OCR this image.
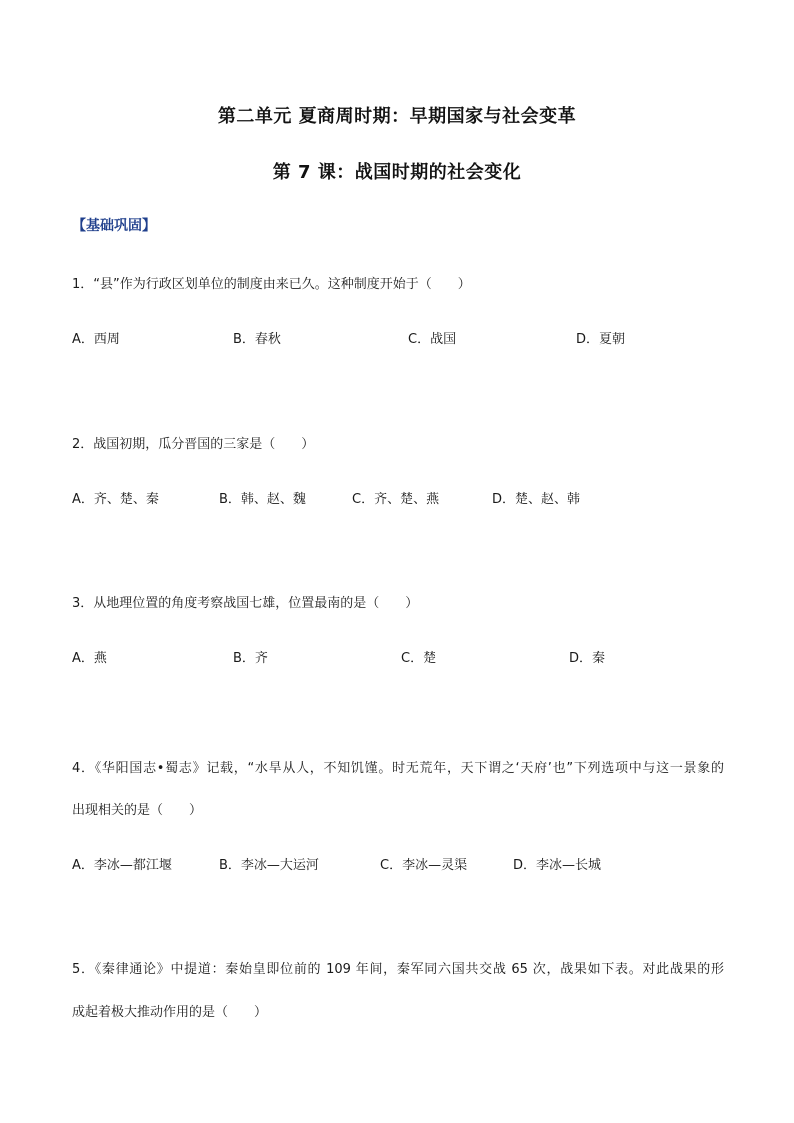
第二单元 夏商周时期：早期国家与社会变革
第 7 课：战国时期的社会变化
【基础巩固】
1．“县”作为行政区划单位的制度由来已久。这种制度开始于（　　）
A．西周	B．春秋	C．战国	D．夏朝
2．战国初期，瓜分晋国的三家是（　　）
A．齐、楚、秦	B．韩、赵、魏	C．齐、楚、燕	D．楚、赵、韩
3．从地理位置的角度考察战国七雄，位置最南的是（　　）
A．燕	B．齐	C．楚	D．秦
4．《华阳国志•蜀志》记载，“水旱从人，不知饥馑。时无荒年，天下谓之‘天府’也”下列选项中与这一景象的
出现相关的是（　　）
A．李冰—都江堰	B．李冰—大运河	C．李冰—灵渠	D．李冰—长城
5．《秦律通论》中提道：秦始皇即位前的 109 年间，秦军同六国共交战 65 次，战果如下表。对此战果的形
成起着极大推动作用的是（　　）
